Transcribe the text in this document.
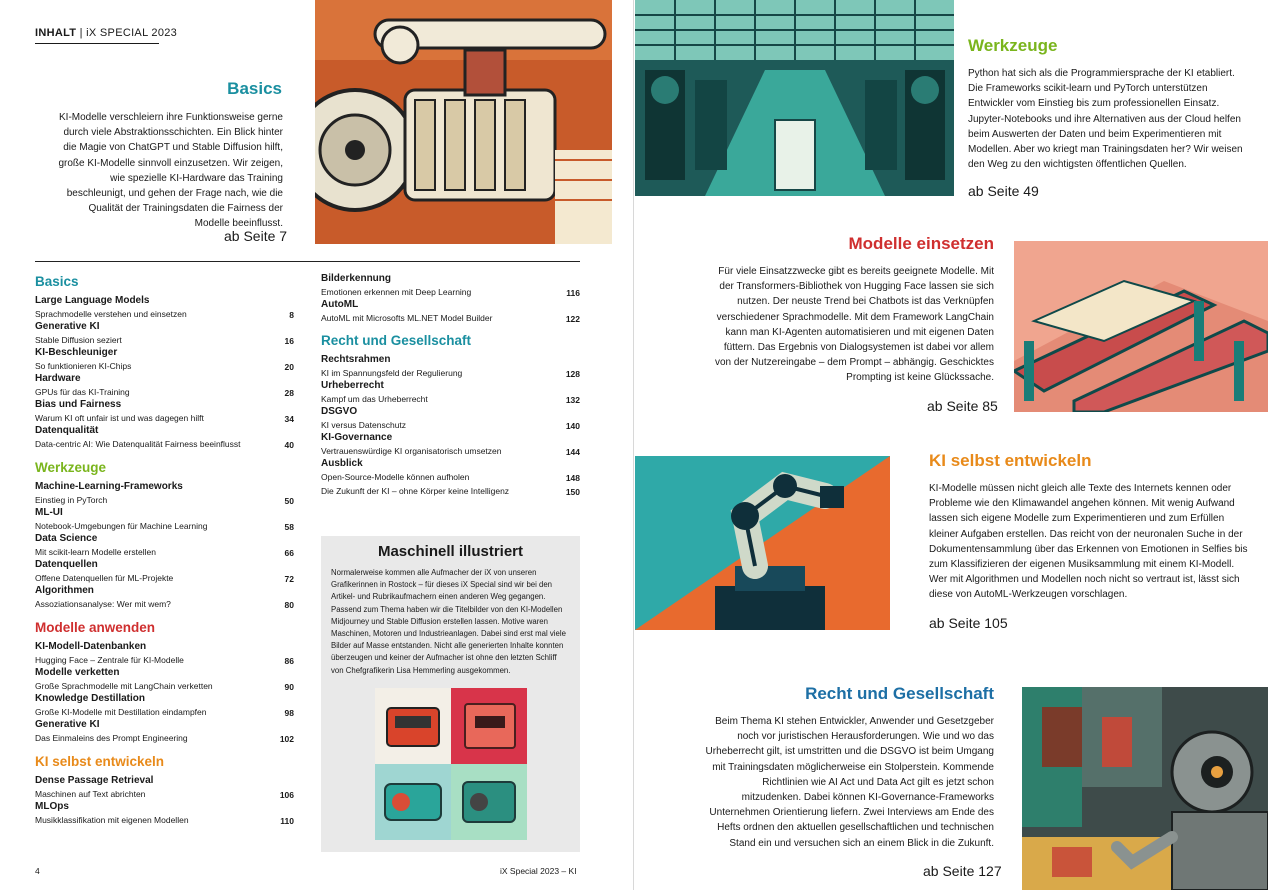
INHALT | iX SPECIAL 2023
Basics
KI-Modelle verschleiern ihre Funktionsweise gerne durch viele Abstraktionsschichten. Ein Blick hinter die Magie von ChatGPT und Stable Diffusion hilft, große KI-Modelle sinnvoll einzusetzen. Wir zeigen, wie spezielle KI-Hardware das Training beschleunigt, und gehen der Frage nach, wie die Qualität der Trainingsdaten die Fairness der Modelle beeinflusst.
ab Seite 7
Basics
Large Language Models
Sprachmodelle verstehen und einsetzen	8
Generative KI
Stable Diffusion seziert	16
KI-Beschleuniger
So funktionieren KI-Chips	20
Hardware
GPUs für das KI-Training	28
Bias und Fairness
Warum KI oft unfair ist und was dagegen hilft	34
Datenqualität
Data-centric AI: Wie Datenqualität Fairness beeinflusst	40
Werkzeuge
Machine-Learning-Frameworks
Einstieg in PyTorch	50
ML-UI
Notebook-Umgebungen für Machine Learning	58
Data Science
Mit scikit-learn Modelle erstellen	66
Datenquellen
Offene Datenquellen für ML-Projekte	72
Algorithmen
Assoziationsanalyse: Wer mit wem?	80
Modelle anwenden
KI-Modell-Datenbanken
Hugging Face – Zentrale für KI-Modelle	86
Modelle verketten
Große Sprachmodelle mit LangChain verketten	90
Knowledge Destillation
Große KI-Modelle mit Destillation eindampfen	98
Generative KI
Das Einmaleins des Prompt Engineering	102
KI selbst entwickeln
Dense Passage Retrieval
Maschinen auf Text abrichten	106
MLOps
Musikklassifikation mit eigenen Modellen	110
Bilderkennung
Emotionen erkennen mit Deep Learning	116
AutoML
AutoML mit Microsofts ML.NET Model Builder	122
Recht und Gesellschaft
Rechtsrahmen
KI im Spannungsfeld der Regulierung	128
Urheberrecht
Kampf um das Urheberrecht	132
DSGVO
KI versus Datenschutz	140
KI-Governance
Vertrauenswürdige KI organisatorisch umsetzen	144
Ausblick
Open-Source-Modelle können aufholen	148
Die Zukunft der KI – ohne Körper keine Intelligenz	150
Maschinell illustriert
Normalerweise kommen alle Aufmacher der iX von unseren Grafikerinnen in Rostock – für dieses iX Special sind wir bei den Artikel- und Rubrikaufmachern einen anderen Weg gegangen. Passend zum Thema haben wir die Titelbilder von den KI-Modellen Midjourney und Stable Diffusion erstellen lassen. Motive waren Maschinen, Motoren und Industrieanlagen. Dabei sind erst mal viele Bilder auf Masse entstanden. Nicht alle generierten Inhalte konnten überzeugen und keiner der Aufmacher ist ohne den letzten Schliff von Chefgrafikerin Lisa Hemmerling ausgekommen.
4	iX Special 2023 – KI
Werkzeuge
Python hat sich als die Programmiersprache der KI etabliert. Die Frameworks scikit-learn und PyTorch unterstützen Entwickler vom Einstieg bis zum professionellen Einsatz. Jupyter-Notebooks und ihre Alternativen aus der Cloud helfen beim Auswerten der Daten und beim Experimentieren mit Modellen. Aber wo kriegt man Trainingsdaten her? Wir weisen den Weg zu den wichtigsten öffentlichen Quellen.
ab Seite 49
Modelle einsetzen
Für viele Einsatzzwecke gibt es bereits geeignete Modelle. Mit der Transformers-Bibliothek von Hugging Face lassen sie sich nutzen. Der neuste Trend bei Chatbots ist das Verknüpfen verschiedener Sprachmodelle. Mit dem Framework LangChain kann man KI-Agenten automatisieren und mit eigenen Daten füttern. Das Ergebnis von Dialogsystemen ist dabei vor allem von der Nutzereingabe – dem Prompt – abhängig. Geschicktes Prompting ist keine Glückssache.
ab Seite 85
KI selbst entwickeln
KI-Modelle müssen nicht gleich alle Texte des Internets kennen oder Probleme wie den Klimawandel angehen können. Mit wenig Aufwand lassen sich eigene Modelle zum Experimentieren und zum Erfüllen kleiner Aufgaben erstellen. Das reicht von der neuronalen Suche in der Dokumentensammlung über das Erkennen von Emotionen in Selfies bis zum Klassifizieren der eigenen Musiksammlung mit einem KI-Modell. Wer mit Algorithmen und Modellen noch nicht so vertraut ist, lässt sich diese von AutoML-Werkzeugen vorschlagen.
ab Seite 105
Recht und Gesellschaft
Beim Thema KI stehen Entwickler, Anwender und Gesetzgeber noch vor juristischen Herausforderungen. Wie und wo das Urheberrecht gilt, ist umstritten und die DSGVO ist beim Umgang mit Trainingsdaten möglicherweise ein Stolperstein. Kommende Richtlinien wie AI Act und Data Act gilt es jetzt schon mitzudenken. Dabei können KI-Governance-Frameworks Unternehmen Orientierung liefern. Zwei Interviews am Ende des Hefts ordnen den aktuellen gesellschaftlichen und technischen Stand ein und versuchen sich an einem Blick in die Zukunft.
ab Seite 127
